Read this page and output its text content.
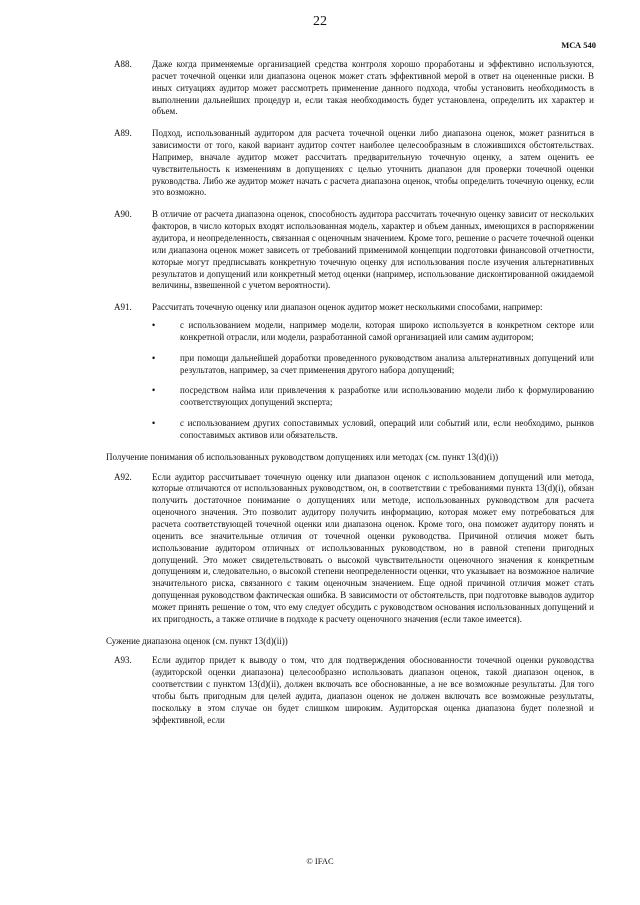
22
МСА 540
A88. Даже когда применяемые организацией средства контроля хорошо проработаны и эффективно используются, расчет точечной оценки или диапазона оценок может стать эффективной мерой в ответ на оцененные риски. В иных ситуациях аудитор может рассмотреть применение данного подхода, чтобы установить необходимость в выполнении дальнейших процедур и, если такая необходимость будет установлена, определить их характер и объем.
A89. Подход, использованный аудитором для расчета точечной оценки либо диапазона оценок, может разниться в зависимости от того, какой вариант аудитор сочтет наиболее целесообразным в сложившихся обстоятельствах. Например, вначале аудитор может рассчитать предварительную точечную оценку, а затем оценить ее чувствительность к изменениям в допущениях с целью уточнить диапазон для проверки точечной оценки руководства. Либо же аудитор может начать с расчета диапазона оценок, чтобы определить точечную оценку, если это возможно.
A90. В отличие от расчета диапазона оценок, способность аудитора рассчитать точечную оценку зависит от нескольких факторов, в число которых входят использованная модель, характер и объем данных, имеющихся в распоряжении аудитора, и неопределенность, связанная с оценочным значением. Кроме того, решение о расчете точечной оценки или диапазона оценок может зависеть от требований применимой концепции подготовки финансовой отчетности, которые могут предписывать конкретную точечную оценку для использования после изучения альтернативных результатов и допущений или конкретный метод оценки (например, использование дисконтированной ожидаемой величины, взвешенной с учетом вероятности).
A91. Рассчитать точечную оценку или диапазон оценок аудитор может несколькими способами, например:
•	с использованием модели, например модели, которая широко используется в конкретном секторе или конкретной отрасли, или модели, разработанной самой организацией или самим аудитором;
•	при помощи дальнейшей доработки проведенного руководством анализа альтернативных допущений или результатов, например, за счет применения другого набора допущений;
•	посредством найма или привлечения к разработке или использованию модели либо к формулированию соответствующих допущений эксперта;
•	с использованием других сопоставимых условий, операций или событий или, если необходимо, рынков сопоставимых активов или обязательств.
Получение понимания об использованных руководством допущениях или методах (см. пункт 13(d)(i))
A92. Если аудитор рассчитывает точечную оценку или диапазон оценок с использованием допущений или метода, которые отличаются от использованных руководством, он, в соответствии с требованиями пункта 13(d)(i), обязан получить достаточное понимание о допущениях или методе, использованных руководством для расчета оценочного значения. Это позволит аудитору получить информацию, которая может ему потребоваться для расчета соответствующей точечной оценки или диапазона оценок. Кроме того, она поможет аудитору понять и оценить все значительные отличия от точечной оценки руководства. Причиной отличия может быть использование аудитором отличных от использованных руководством, но в равной степени пригодных допущений. Это может свидетельствовать о высокой чувствительности оценочного значения к конкретным допущениям и, следовательно, о высокой степени неопределенности оценки, что указывает на возможное наличие значительного риска, связанного с таким оценочным значением. Еще одной причиной отличия может стать допущенная руководством фактическая ошибка. В зависимости от обстоятельств, при подготовке выводов аудитор может принять решение о том, что ему следует обсудить с руководством основания использованных допущений и их пригодность, а также отличие в подходе к расчету оценочного значения (если такое имеется).
Сужение диапазона оценок (см. пункт 13(d)(ii))
A93. Если аудитор придет к выводу о том, что для подтверждения обоснованности точечной оценки руководства (аудиторской оценки диапазона) целесообразно использовать диапазон оценок, такой диапазон оценок, в соответствии с пунктом 13(d)(ii), должен включать все обоснованные, а не все возможные результаты. Для того чтобы быть пригодным для целей аудита, диапазон оценок не должен включать все возможные результаты, поскольку в этом случае он будет слишком широким. Аудиторская оценка диапазона будет полезной и эффективной, если
© IFAC
